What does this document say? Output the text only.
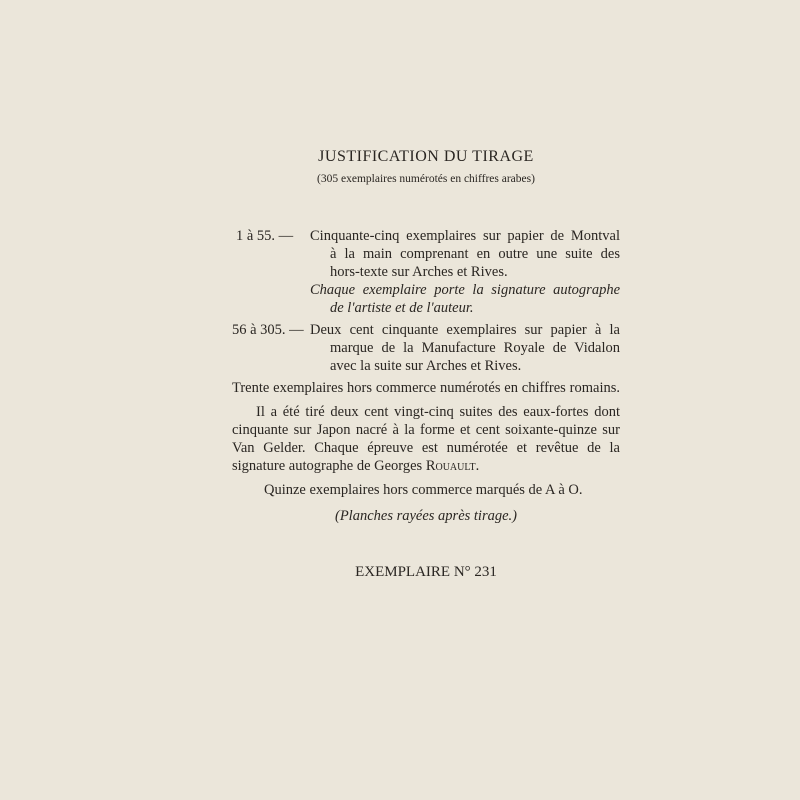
JUSTIFICATION DU TIRAGE
(305 exemplaires numérotés en chiffres arabes)
1 à 55. — Cinquante-cinq exemplaires sur papier de Montval
à la main comprenant en outre une suite des
hors-texte sur Arches et Rives.
Chaque exemplaire porte la signature autographe
de l'artiste et de l'auteur.
56 à 305. — Deux cent cinquante exemplaires sur papier à la
marque de la Manufacture Royale de Vidalon
avec la suite sur Arches et Rives.
Trente exemplaires hors commerce numérotés en chiffres romains.
Il a été tiré deux cent vingt-cinq suites des eaux-fortes dont
cinquante sur Japon nacré à la forme et cent soixante-quinze sur
Van Gelder. Chaque épreuve est numérotée et revêtue de la
signature autographe de Georges Rouault.
Quinze exemplaires hors commerce marqués de A à O.
(Planches rayées après tirage.)
EXEMPLAIRE N° 231
